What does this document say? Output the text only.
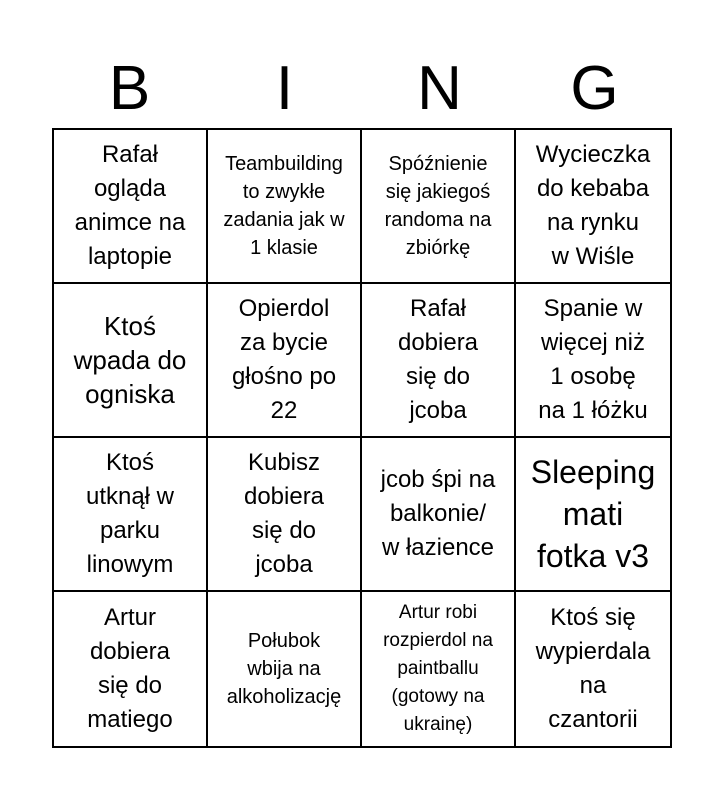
B	I	N	G
Rafał
ogląda
animce na
laptopie
Teambuilding
to zwykłe
zadania jak w
1 klasie
Spóźnienie
się jakiegoś
randoma na
zbiórkę
Wycieczka
do kebaba
na rynku
w Wiśle
Ktoś
wpada do
ogniska
Opierdol
za bycie
głośno po
22
Rafał
dobiera
się do
jcoba
Spanie w
więcej niż
1 osobę
na 1 łóżku
Ktoś
utknął w
parku
linowym
Kubisz
dobiera
się do
jcoba
jcob śpi na
balkonie/
w łazience
Sleeping
mati
fotka v3
Artur
dobiera
się do
matiego
Połubok
wbija na
alkoholizację
Artur robi
rozpierdol na
paintballu
(gotowy na
ukrainę)
Ktoś się
wypierdala
na
czantorii
